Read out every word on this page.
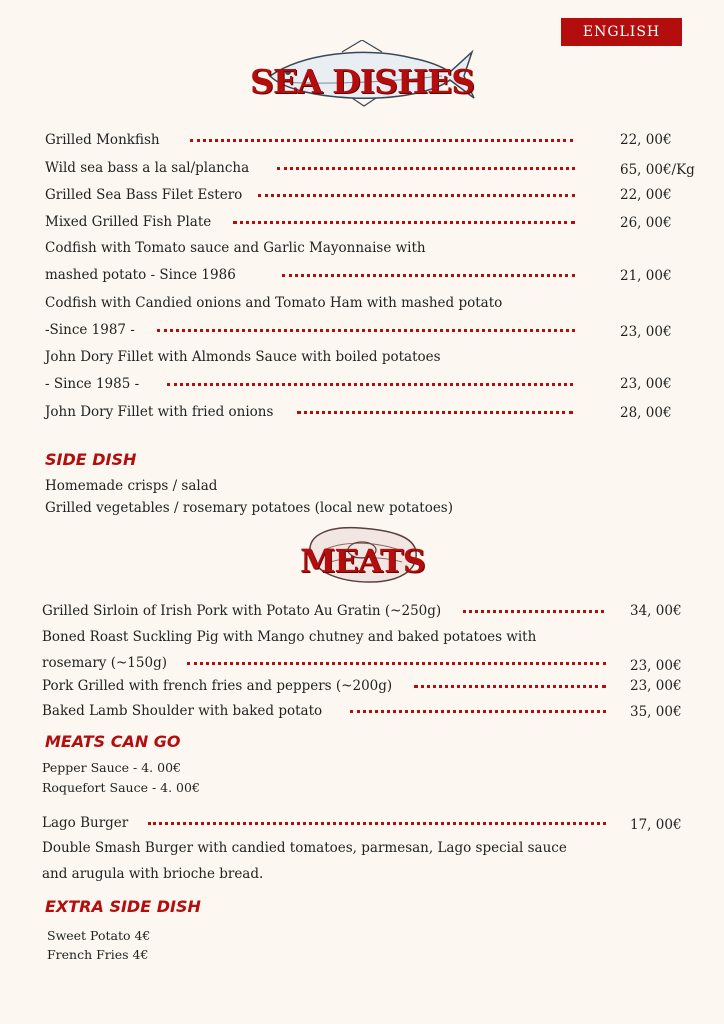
ENGLISH
SEA DISHES
Grilled Monkfish	22, 00€
Wild sea bass a la sal/plancha	65, 00€/Kg
Grilled Sea Bass Filet Estero	22, 00€
Mixed Grilled Fish Plate	26, 00€
Codfish with Tomato sauce and Garlic Mayonnaise with
mashed potato - Since 1986	21, 00€
Codfish with Candied onions and Tomato Ham with mashed potato
-Since 1987 -	23, 00€
John Dory Fillet with Almonds Sauce with boiled potatoes
- Since 1985 -	23, 00€
John Dory Fillet with fried onions	28, 00€
SIDE DISH
Homemade crisps / salad
Grilled vegetables / rosemary potatoes (local new potatoes)
MEATS
Grilled Sirloin of Irish Pork with Potato Au Gratin (~250g)	34, 00€
Boned Roast Suckling Pig with Mango chutney and baked potatoes with
rosemary (~150g)	23, 00€
Pork Grilled with french fries and peppers (~200g)	23, 00€
Baked Lamb Shoulder with baked potato	35, 00€
MEATS CAN GO
Pepper Sauce - 4. 00€
Roquefort Sauce - 4. 00€
Lago Burger	17, 00€
Double Smash Burger with candied tomatoes, parmesan, Lago special sauce
and arugula with brioche bread.
EXTRA SIDE DISH
Sweet Potato 4€
French Fries 4€
